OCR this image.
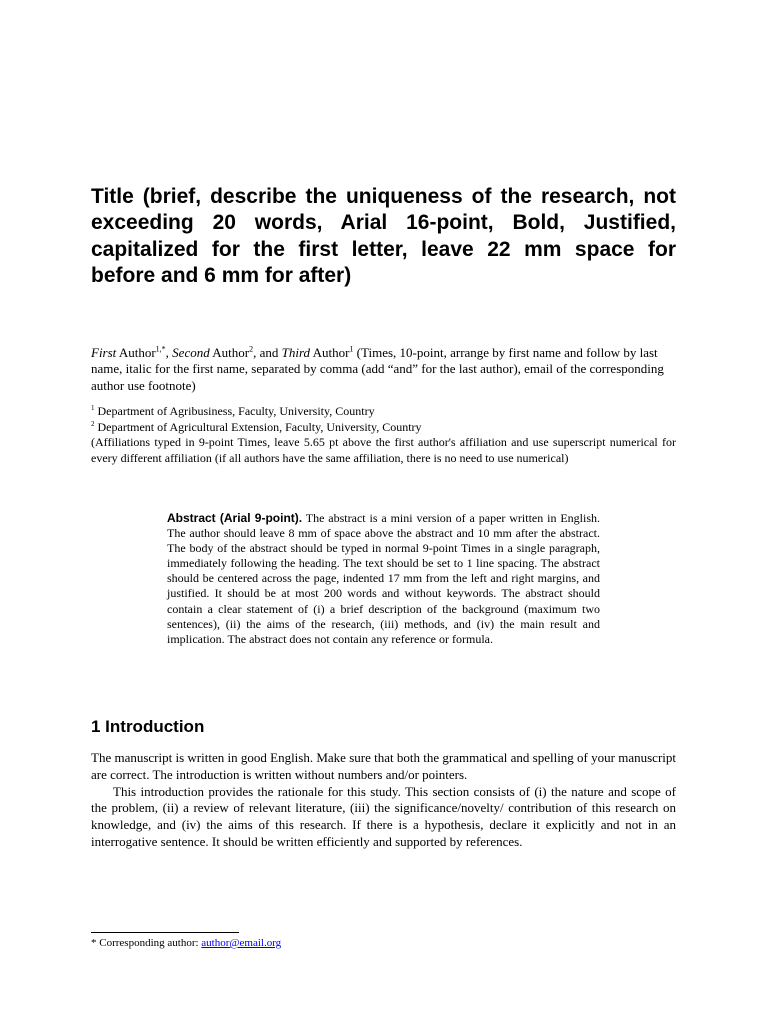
Title (brief, describe the uniqueness of the research, not exceeding 20 words, Arial 16-point, Bold, Justified, capitalized for the first letter, leave 22 mm space for before and 6 mm for after)

First Author$^{1,*}$, Second Author$^2$, and Third Author$^1$ (Times, 10-point, arrange by first name and follow by last name, italic for the first name, separated by comma (add “and” for the last author), email of the corresponding author use footnote)

$^1$ Department of Agribusiness, Faculty, University, Country
$^2$ Department of Agricultural Extension, Faculty, University, Country
(Affiliations typed in 9-point Times, leave 5.65 pt above the first author's affiliation and use superscript numerical for every different affiliation (if all authors have the same affiliation, there is no need to use numerical)

Abstract (Arial 9-point). The abstract is a mini version of a paper written in English. The author should leave 8 mm of space above the abstract and 10 mm after the abstract. The body of the abstract should be typed in normal 9-point Times in a single paragraph, immediately following the heading. The text should be set to 1 line spacing. The abstract should be centered across the page, indented 17 mm from the left and right margins, and justified. It should be at most 200 words and without keywords. The abstract should contain a clear statement of (i) a brief description of the background (maximum two sentences), (ii) the aims of the research, (iii) methods, and (iv) the main result and implication. The abstract does not contain any reference or formula.

1 Introduction

The manuscript is written in good English. Make sure that both the grammatical and spelling of your manuscript are correct. The introduction is written without numbers and/or pointers.

This introduction provides the rationale for this study. This section consists of (i) the nature and scope of the problem, (ii) a review of relevant literature, (iii) the significance/novelty/ contribution of this research on knowledge, and (iv) the aims of this research. If there is a hypothesis, declare it explicitly and not in an interrogative sentence. It should be written efficiently and supported by references.

* Corresponding author: author@email.org
